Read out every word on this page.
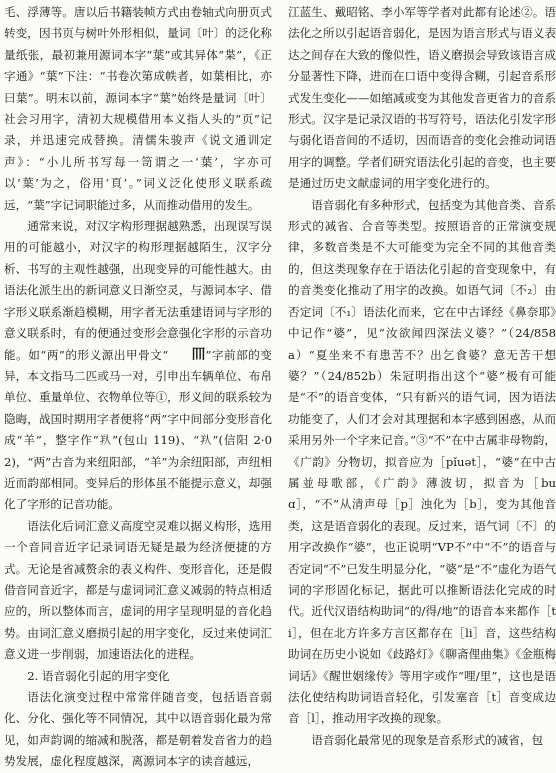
毛、浮薄等。唐以后书籍装帧方式由卷轴式向册页式转变，因书页与树叶外形相似，量词〔叶〕的泛化称量纸张，最初兼用源词本字“葉”或其异体“枼”，《正字通》“葉”下注：“书卷次第成帙者，如葉相比，亦曰葉”。明末以前，源词本字“葉”始终是量词〔叶〕社会习用字，清初大规模借用本义指人头的“页”记录，并迅速完成替换。清儒朱骏声《说文通训定声》：“小儿所书写每一笥谓之一‘葉’，字亦可以‘葉’为之，俗用‘頁’。”词义泛化使形义联系疏远，“葉”字记词职能过多，从而推动借用的发生。

通常来说，对汉字构形理据越熟悉，出现误写误用的可能越小，对汉字的构形理据越陌生，汉字分析、书写的主观性越强，出现变异的可能性越大。由语法化派生出的新词意义日渐空灵，与源词本字、借字形义联系渐趋模糊，用字者无法重建语词与字形的意义联系时，有的便通过变形会意强化字形的示音功能。如“两”的形义源出甲骨文“ 𦉫”字前部的变异，本文指马二匹或马一对，引申出车辆单位、布帛单位、重量单位、衣物单位等①，形义间的联系较为隐晦，战国时期用字者便将“两”字中间部分变形音化成“羊”，整字作“𦍏”(包山 119)、“𦍏”(信阳 2·02)，“两”古音为来纽阳部，“羊”为余纽阳部，声纽相近而韵部相同。变异后的形体虽不能提示意义，却强化了字形的记音功能。

语法化后词汇意义高度空灵难以据义构形，选用一个音同音近字记录词语无疑是最为经济便捷的方式。无论是省减赘余的表义构件、变形音化，还是假借音同音近字，都是与虚词词汇意义减弱的特点相适应的，所以整体而言，虚词的用字呈现明显的音化趋势。由词汇意义磨损引起的用字变化，反过来使词汇意义进一步削弱，加速语法化的进程。

2. 语音弱化引起的用字变化

语法化演变过程中常常伴随音变，包括语音弱化、分化、强化等不同情况，其中以语音弱化最为常见，如声韵调的缩减和脱落，都是朝着发音省力的趋势发展，虚化程度越深，离源词本字的读音越远，

江蓝生、戴昭铭、李小军等学者对此都有论述②。语法化之所以引起语音弱化，是因为语言形式与语义表达之间存在大致的像似性，语义磨损会导致该语言成分显著性下降，进而在口语中变得含糊，引起音系形式发生变化——如缩减或变为其他发音更省力的音系形式。汉字是记录汉语的书写符号，语法化引发字形与弱化语音间的不适切，因而语音的变化会推动词语用字的调整。学者们研究语法化引起的音变，也主要是通过历史文献虚词的用字变化进行的。

语音弱化有多种形式，包括变为其他音类、音系形式的减省、合音等类型。按照语音的正常演变规律，多数音类是不大可能变为完全不同的其他音类的，但这类现象存在于语法化引起的音变现象中，有的音类变化推动了用字的改换。如语气词〔不₂〕由否定词〔不₁〕语法化而来，它在中古译经《鼻奈耶》中记作“婆”，见“汝欲闻四深法义婆？”（24/858a）“夏坐来不有患苦不？出乞食婆？意无苦干想婆？”（24/852b）朱冠明指出这个“婆”极有可能是“不”的语音变体，“只有新兴的语气词，因为语法功能变了，人们才会对其理据和本字感到困惑，从而采用另外一个字来记音。”③“不”在中古属非母物韵，《广韵》分物切，拟音应为［pǐuət］，“婆”在中古属並母歌部，《广韵》薄波切，拟音为［buɑ］，“不”从清声母［p］浊化为［b］，变为其他音类，这是语音弱化的表现。反过来，语气词〔不〕的用字改换作“婆”，也正说明“VP不”中“不”的语音与否定词“不”已发生明显分化，“婆”是“不”虚化为语气词的字形固化标记，据此可以推断语法化完成的时代。近代汉语结构助词“的/得/地”的语音本来都作［ti］，但在北方许多方言区都存在［li］音，这些结构助词在历史小说如《歧路灯》《聊斋俚曲集》《金瓶梅词话》《醒世姻缘传》等用字或作“哩/里”，这也是语法化使结构助词语音轻化，引发塞音［t］音变成边音［l］，推动用字改换的现象。

语音弱化最常见的现象是音系形式的减省，包
